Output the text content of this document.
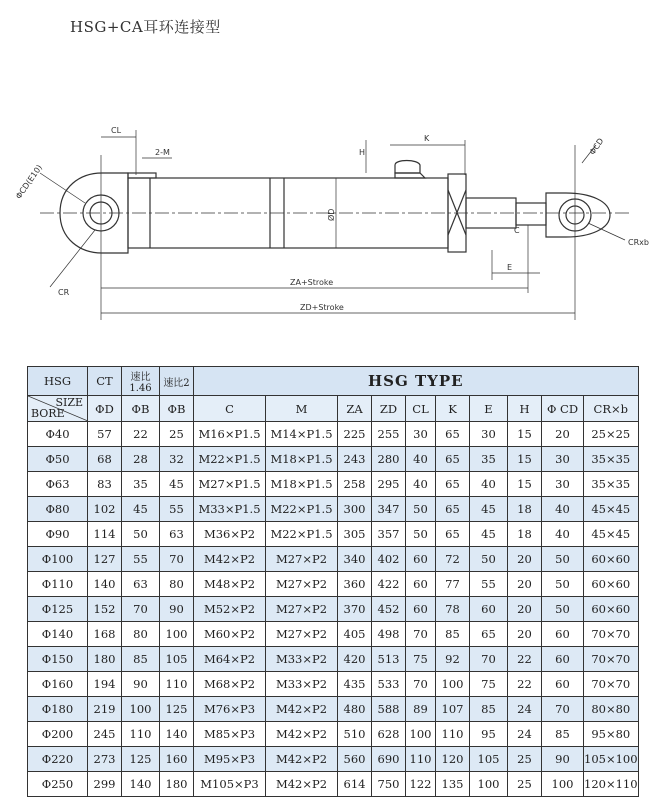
HSG+CA耳环连接型
CL
2-M	H
K
ΦCD(E10)
ΦCD
ØD
C
CR
CRxb
E
ZA+Stroke
ZD+Stroke
HSG	CT	速比1.46	速比2	HSG TYPE									

SIZE
BORE	ΦD	ΦB	ΦB	C	M	ZA	ZD	CL	K	E	H	Φ CD	CR×b
Φ40	57	22	25	M16×P1.5	M14×P1.5	225	255	30	65	30	15	20	25×25
Φ50	68	28	32	M22×P1.5	M18×P1.5	243	280	40	65	35	15	30	35×35
Φ63	83	35	45	M27×P1.5	M18×P1.5	258	295	40	65	40	15	30	35×35
Φ80	102	45	55	M33×P1.5	M22×P1.5	300	347	50	65	45	18	40	45×45
Φ90	114	50	63	M36×P2	M22×P1.5	305	357	50	65	45	18	40	45×45
Φ100	127	55	70	M42×P2	M27×P2	340	402	60	72	50	20	50	60×60
Φ110	140	63	80	M48×P2	M27×P2	360	422	60	77	55	20	50	60×60
Φ125	152	70	90	M52×P2	M27×P2	370	452	60	78	60	20	50	60×60
Φ140	168	80	100	M60×P2	M27×P2	405	498	70	85	65	20	60	70×70
Φ150	180	85	105	M64×P2	M33×P2	420	513	75	92	70	22	60	70×70
Φ160	194	90	110	M68×P2	M33×P2	435	533	70	100	75	22	60	70×70
Φ180	219	100	125	M76×P3	M42×P2	480	588	89	107	85	24	70	80×80
Φ200	245	110	140	M85×P3	M42×P2	510	628	100	110	95	24	85	95×80
Φ220	273	125	160	M95×P3	M42×P2	560	690	110	120	105	25	90	105×100
Φ250	299	140	180	M105×P3	M42×P2	614	750	122	135	100	25	100	120×110
